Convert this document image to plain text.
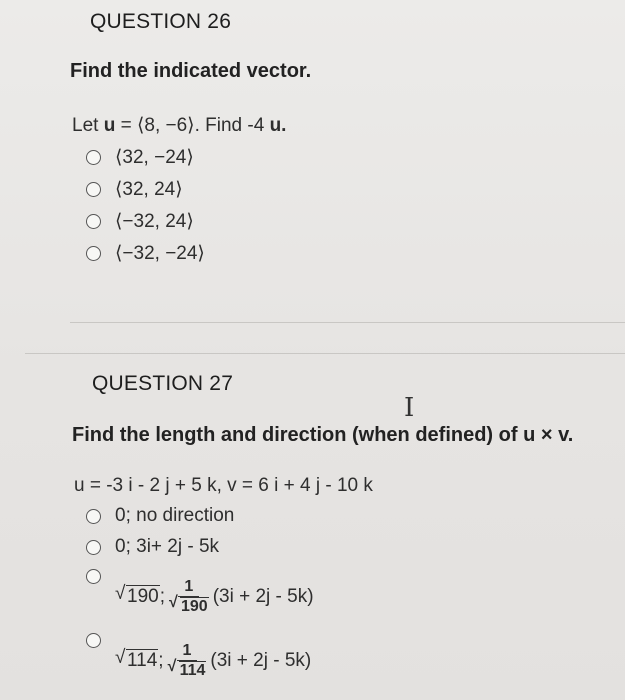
QUESTION 26
Find the indicated vector.
Let u = ⟨8, −6⟩. Find -4 u.
⟨32, −24⟩
⟨32, 24⟩
⟨−32, 24⟩
⟨−32, −24⟩
QUESTION 27
Find the length and direction (when defined) of u × v.
I
u = -3 i - 2 j + 5 k, v = 6 i + 4 j - 10 k
0; no direction
0; 3i+ 2j - 5k
√ 190 ; $\frac{1}{√ 190} (3i + 2j - 5k)$
√ 114 ; $\frac{1}{√ 114} (3i + 2j - 5k)$
